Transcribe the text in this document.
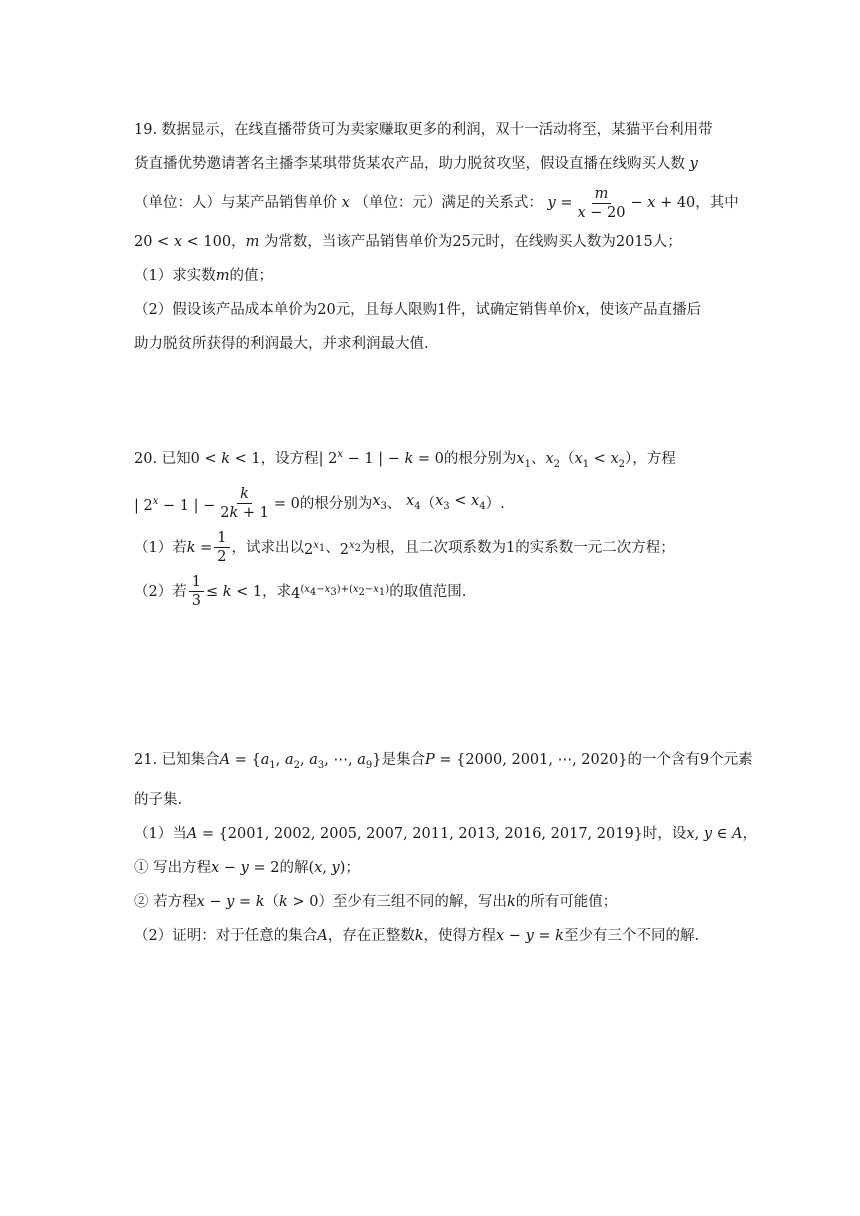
19. 数据显示，在线直播带货可为卖家赚取更多的利润，双十一活动将至，某猫平台利用带
货直播优势邀请著名主播李某琪带货某农产品，助力脱贫攻坚，假设直播在线购买人数 y
（单位：人）与某产品销售单价
x
（单位：元）满足的关系式：
$y = \frac{m}{x - 20} - x + 40$ ，其中
20 < x < 100，m 为常数，当该产品销售单价为25元时，在线购买人数为2015人；
（1）求实数m的值；
（2）假设该产品成本单价为20元，且每人限购1件，试确定销售单价x，使该产品直播后
助力脱贫所获得的利润最大，并求利润最大值.
20. 已知0 < k < 1，设方程| $2^x - 1$ | − k = 0的根分别为$x_1$、$x_2(x_1 < x_2)$，方程
| $2^x - 1$ | − $\frac{k}{2k + 1} = 0$ 的根分别为 $x_3$ 、
$x_4$ （ $x_3 < x_4$ ）.
（1）若 $k = \frac{1}{2}$ ，试求出以 $2^{x_1}$ 、 $2^{x_2}$ 为根，且二次项系数为1的实系数一元二次方程；
（2）若 $\frac{1}{3} \le k < 1$ ，求 $4^{(x_4-x_3)+(x_2-x_1)}$ 的取值范围.
21. 已知集合$A = \{a_1$, $a_2$, $a_3$, ⋯, $a_9$}是集合P = {2000, 2001, ⋯, 2020}的一个含有9个元素
的子集.
（1）当A = {2001, 2002, 2005, 2007, 2011, 2013, 2016, 2017, 2019}时，设x, y ∈ A，
① 写出方程x − y = 2的解(x, y)；
② 若方程x − y = k（k > 0）至少有三组不同的解，写出k的所有可能值；
（2）证明：对于任意的集合A，存在正整数k，使得方程x − y = k至少有三个不同的解.
